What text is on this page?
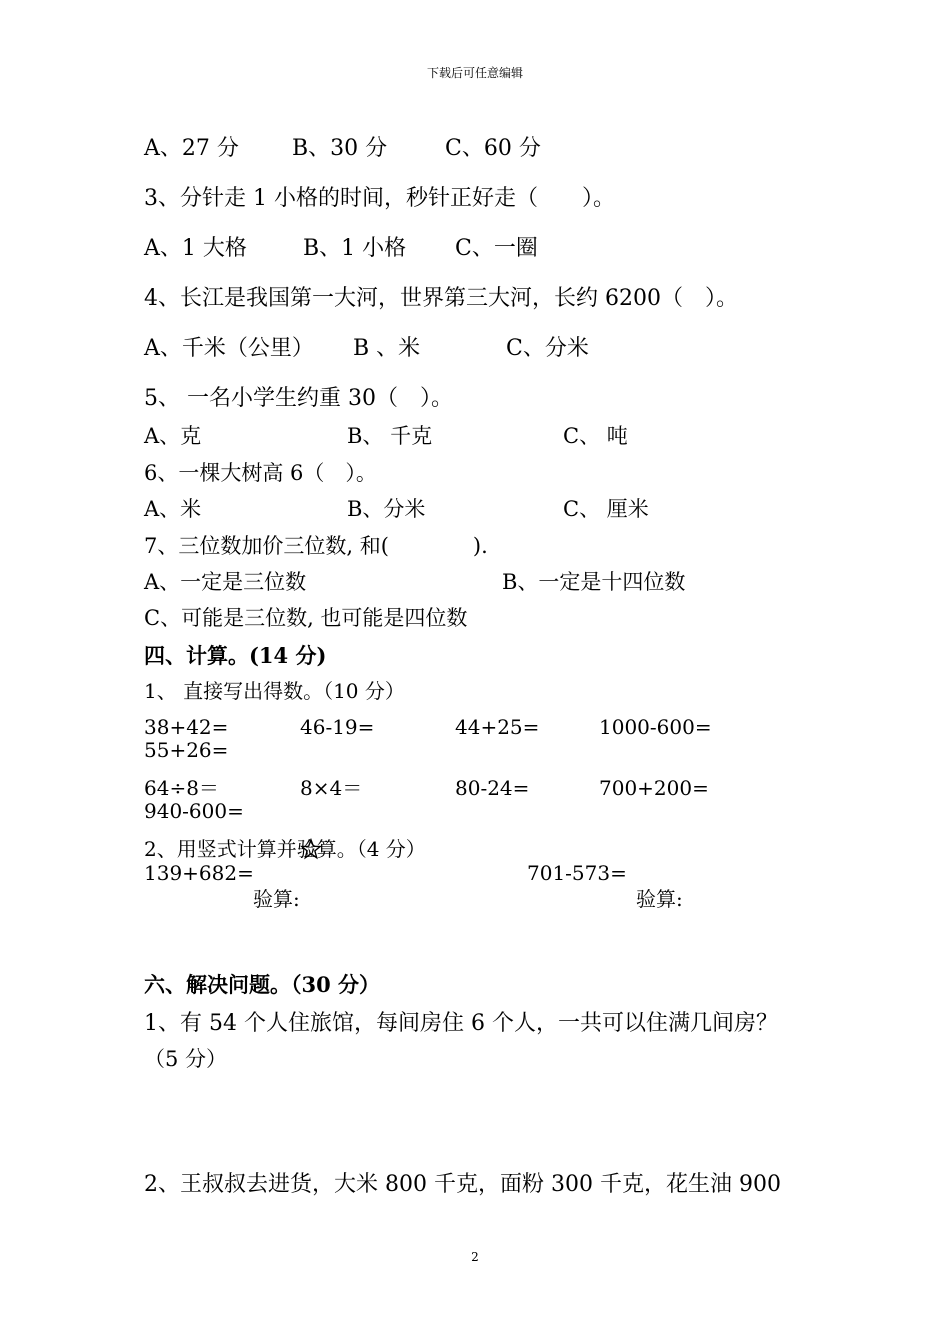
下载后可任意编辑
A、27 分 B、30 分	C、60 分
3、分针走 1 小格的时间，秒针正好走（　　）。
A、1 大格	B、1 小格 C、一圈
4、长江是我国第一大河，世界第三大河，长约 6200（　）。
A、千米（公里） B 、米	C、分米
5、 一名小学生约重 30（　）。
A、克	B、 千克	C、 吨
6、一棵大树高 6（　）。
A、米	B、分米	C、 厘米
7、三位数加价三位数, 和(　　　　).
A、一定是三位数	B、一定是十四位数
C、可能是三位数, 也可能是四位数
四、计算。(14 分)
1、 直接写出得数。（10 分）
38+42=	46-19=	44+25=	1000-600=
55+26=
64÷8＝	8×4＝	80-24=	700+200=
940-600=
2、用竖式计算并验算。（4 分）
139+682=	701-573=
验算:	验算:
六、解决问题。（30 分）
1、有 54 个人住旅馆，每间房住 6 个人，一共可以住满几间房？
（5 分）
2、王叔叔去进货，大米 800 千克，面粉 300 千克，花生油 900
2
